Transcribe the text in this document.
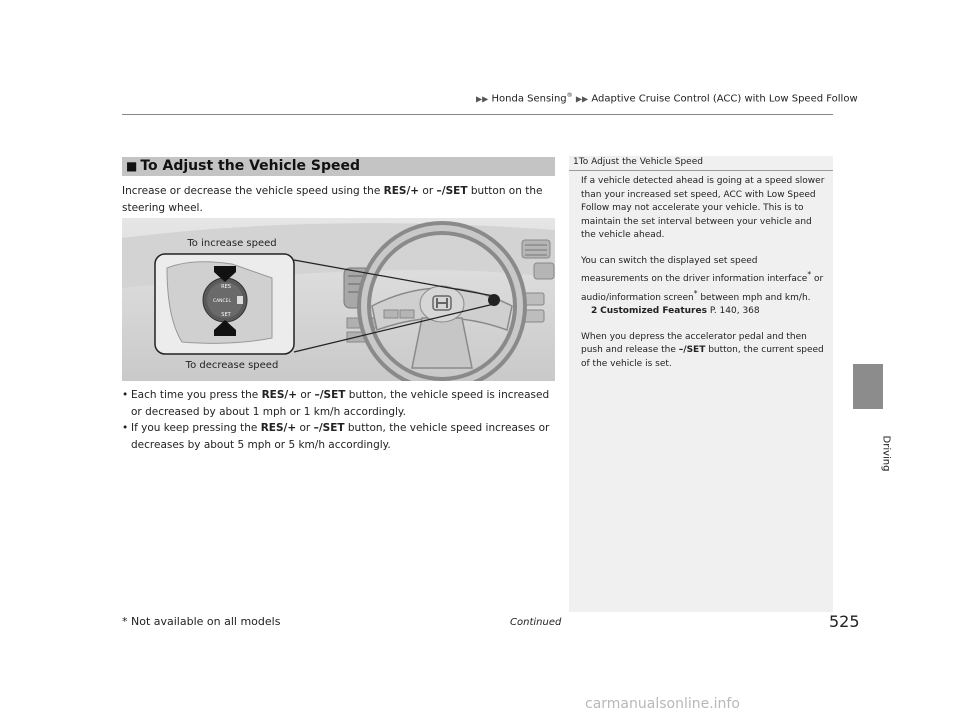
▶▶ Honda Sensing® ▶▶ Adaptive Cruise Control (ACC) with Low Speed Follow
Driving
■ To Adjust the Vehicle Speed
Increase or decrease the vehicle speed using the RES/+ or –/SET button on the steering wheel.
RES
CANCEL
SET
To increase speed
To decrease speed
• Each time you press the RES/+ or –/SET button, the vehicle speed is increased or decreased by about 1 mph or 1 km/h accordingly.
• If you keep pressing the RES/+ or –/SET button, the vehicle speed increases or decreases by about 5 mph or 5 km/h accordingly.
1To Adjust the Vehicle Speed

If a vehicle detected ahead is going at a speed slower than your increased set speed, ACC with Low Speed Follow may not accelerate your vehicle. This is to maintain the set interval between your vehicle and the vehicle ahead.

You can switch the displayed set speed measurements on the driver information interface* or audio/information screen* between mph and km/h.

2 Customized Features P. 140, 368

When you depress the accelerator pedal and then push and release the –/SET button, the current speed of the vehicle is set.

Continued
* Not available on all models	525
carmanualsonline.info
